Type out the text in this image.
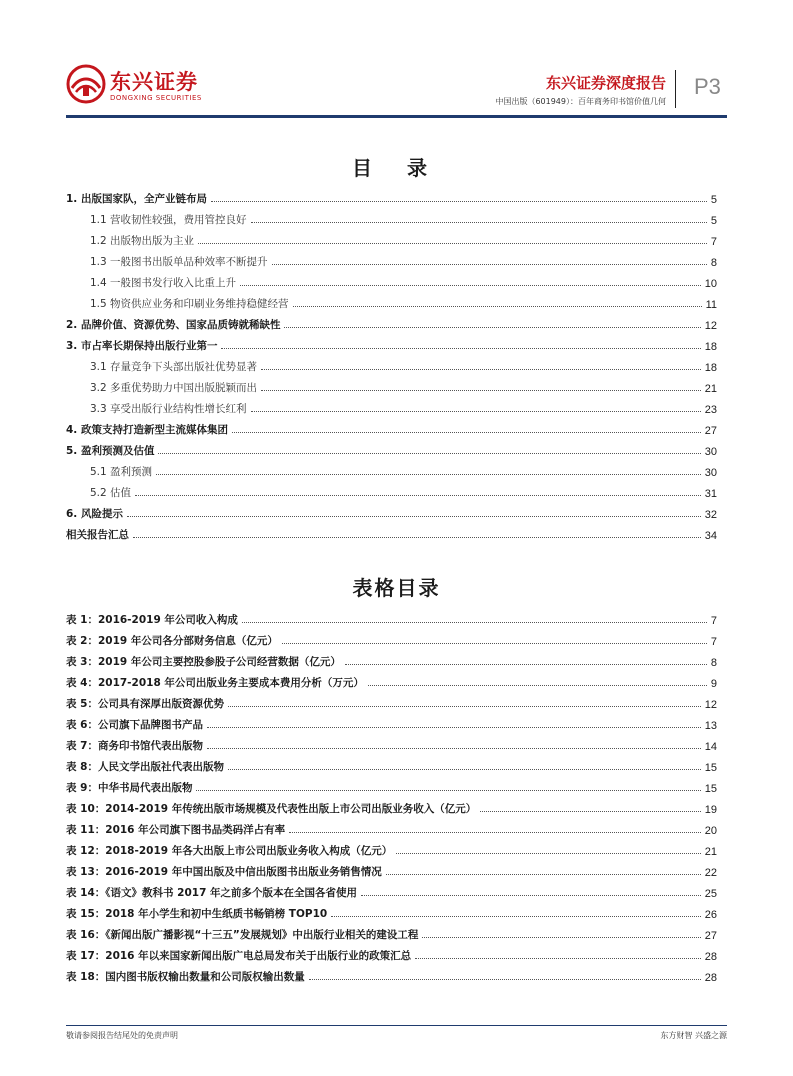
东兴证券
DONGXING SECURITIES
东兴证券深度报告
中国出版（601949）：百年商务印书馆价值几何
P3
目 录
1. 出版国家队，全产业链布局	5
1.1 营收韧性较强，费用管控良好	5
1.2 出版物出版为主业	7
1.3 一般图书出版单品种效率不断提升	8
1.4 一般图书发行收入比重上升	10
1.5 物资供应业务和印刷业务维持稳健经营	11
2. 品牌价值、资源优势、国家品质铸就稀缺性	12
3. 市占率长期保持出版行业第一	18
3.1 存量竞争下头部出版社优势显著	18
3.2 多重优势助力中国出版脱颖而出	21
3.3 享受出版行业结构性增长红利	23
4. 政策支持打造新型主流媒体集团	27
5. 盈利预测及估值	30
5.1 盈利预测	30
5.2 估值	31
6. 风险提示	32
相关报告汇总	34
表格目录
表 1：2016-2019 年公司收入构成	7
表 2：2019 年公司各分部财务信息（亿元）	7
表 3：2019 年公司主要控股参股子公司经营数据（亿元）	8
表 4：2017-2018 年公司出版业务主要成本费用分析（万元）	9
表 5：公司具有深厚出版资源优势	12
表 6：公司旗下品牌图书产品	13
表 7：商务印书馆代表出版物	14
表 8：人民文学出版社代表出版物	15
表 9：中华书局代表出版物	15
表 10：2014-2019 年传统出版市场规模及代表性出版上市公司出版业务收入（亿元）	19
表 11：2016 年公司旗下图书品类码洋占有率	20
表 12：2018-2019 年各大出版上市公司出版业务收入构成（亿元）	21
表 13：2016-2019 年中国出版及中信出版图书出版业务销售情况	22
表 14：《语文》教科书 2017 年之前多个版本在全国各省使用	25
表 15：2018 年小学生和初中生纸质书畅销榜 TOP10	26
表 16：《新闻出版广播影视“十三五”发展规划》中出版行业相关的建设工程	27
表 17：2016 年以来国家新闻出版广电总局发布关于出版行业的政策汇总	28
表 18：国内图书版权输出数量和公司版权输出数量	28
敬请参阅报告结尾处的免责声明	东方财智 兴盛之源
